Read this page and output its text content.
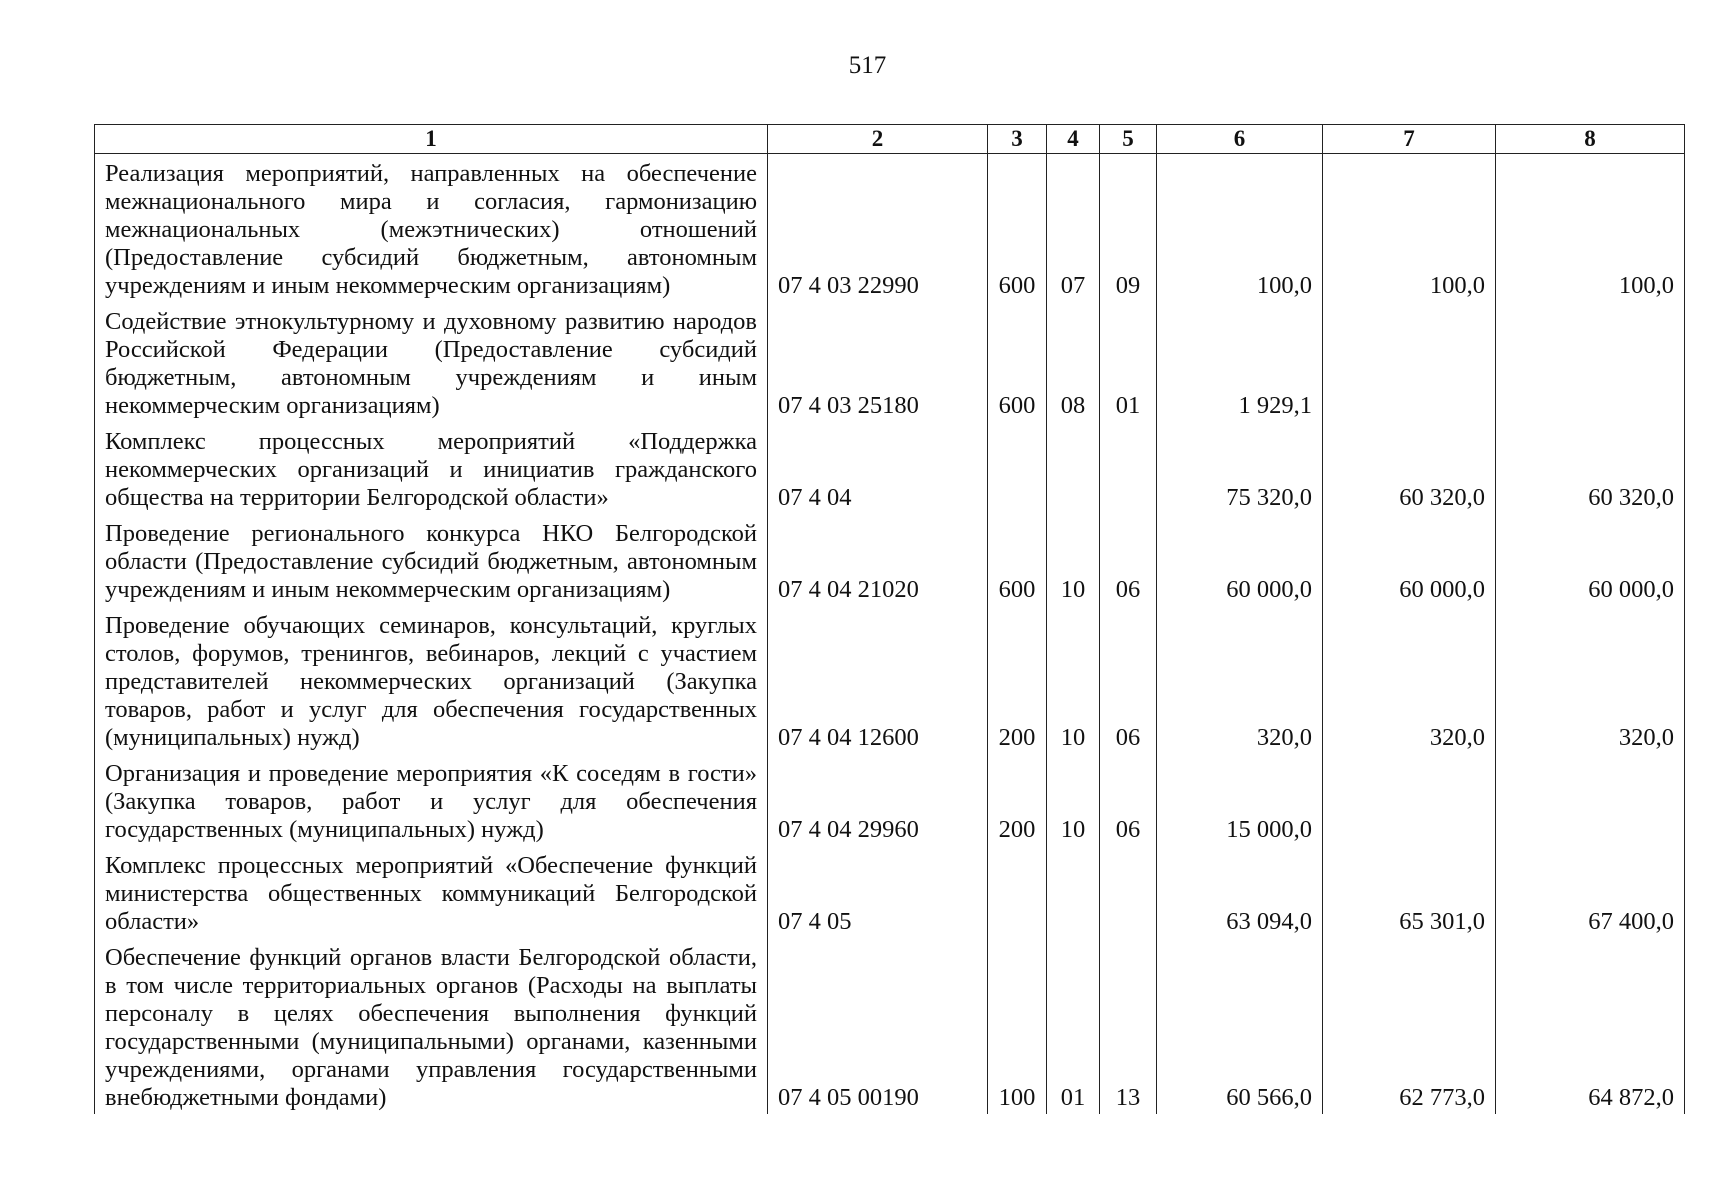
517
1	2	3	4	5	6	7	8
Реализация мероприятий, направленных на обеспечение межнационального мира и согласия, гармонизацию межнациональных (межэтнических) отношений (Предоставление субсидий бюджетным, автономным учреждениям и иным некоммерческим организациям)	07 4 03 22990	600	07	09	100,0	100,0	100,0
Содействие этнокультурному и духовному развитию народов Российской Федерации (Предоставление субсидий бюджетным, автономным учреждениям и иным некоммерческим организациям)	07 4 03 25180	600	08	01	1 929,1		
Комплекс процессных мероприятий «Поддержка некоммерческих организаций и инициатив гражданского общества на территории Белгородской области»	07 4 04				75 320,0	60 320,0	60 320,0
Проведение регионального конкурса НКО Белгородской области (Предоставление субсидий бюджетным, автономным учреждениям и иным некоммерческим организациям)	07 4 04 21020	600	10	06	60 000,0	60 000,0	60 000,0
Проведение обучающих семинаров, консультаций, круглых столов, форумов, тренингов, вебинаров, лекций с участием представителей некоммерческих организаций (Закупка товаров, работ и услуг для обеспечения государственных (муниципальных) нужд)	07 4 04 12600	200	10	06	320,0	320,0	320,0
Организация и проведение мероприятия «К соседям в гости» (Закупка товаров, работ и услуг для обеспечения государственных (муниципальных) нужд)	07 4 04 29960	200	10	06	15 000,0		
Комплекс процессных мероприятий «Обеспечение функций министерства общественных коммуникаций Белгородской области»	07 4 05				63 094,0	65 301,0	67 400,0
Обеспечение функций органов власти Белгородской области, в том числе территориальных органов (Расходы на выплаты персоналу в целях обеспечения выполнения функций государственными (муниципальными) органами, казенными учреждениями, органами управления государственными внебюджетными фондами)	07 4 05 00190	100	01	13	60 566,0	62 773,0	64 872,0
